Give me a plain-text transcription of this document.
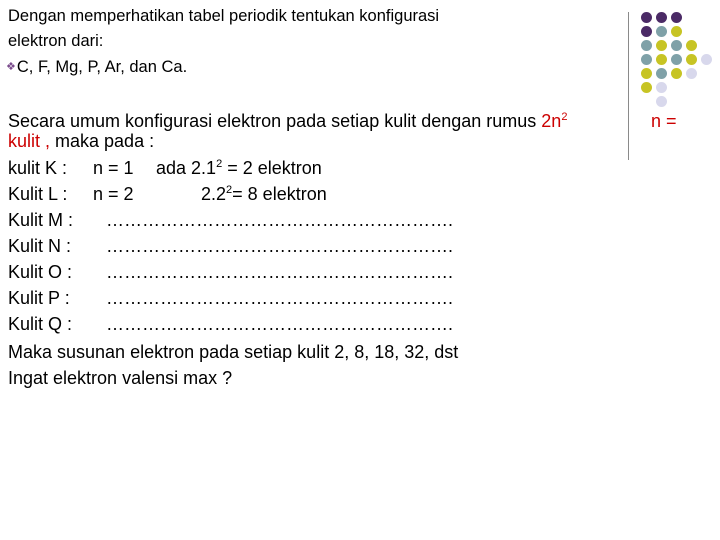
Dengan memperhatikan tabel periodik tentukan konfigurasi
elektron dari:
❖C, F, Mg, P, Ar, dan Ca.
Secara umum konfigurasi elektron pada setiap kulit dengan rumus $2n^2$	n =
kulit , maka pada :
kulit K : n = 1 ada $2.1^2 = 2$ elektron
Kulit L : n = 2	$2.2^2= 8$ elektron
Kulit M : ………………………………………………….
Kulit N : ………………………………………………….
Kulit O : ………………………………………………….
Kulit P : ………………………………………………….
Kulit Q : ………………………………………………….
Maka susunan elektron pada setiap kulit 2, 8, 18, 32, dst
Ingat elektron valensi max ?
